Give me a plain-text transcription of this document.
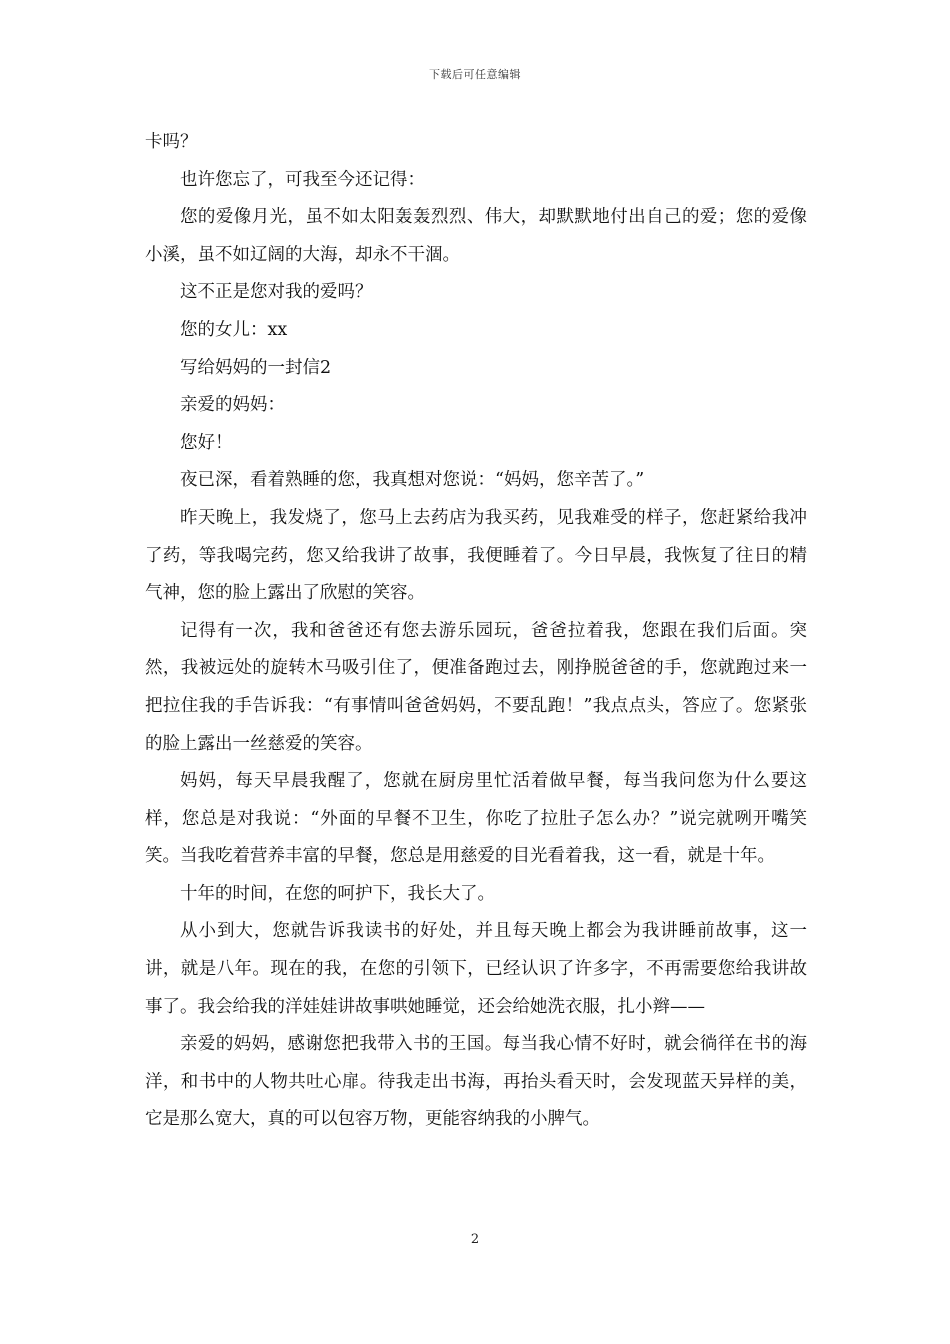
下载后可任意编辑

卡吗？

也许您忘了，可我至今还记得：

您的爱像月光，虽不如太阳轰轰烈烈、伟大，却默默地付出自己的爱；您的爱像小溪，虽不如辽阔的大海，却永不干涸。

这不正是您对我的爱吗？

您的女儿：xx

写给妈妈的一封信2

亲爱的妈妈：

您好！

夜已深，看着熟睡的您，我真想对您说：“妈妈，您辛苦了。”

昨天晚上，我发烧了，您马上去药店为我买药，见我难受的样子，您赶紧给我冲了药，等我喝完药，您又给我讲了故事，我便睡着了。今日早晨，我恢复了往日的精气神，您的脸上露出了欣慰的笑容。

记得有一次，我和爸爸还有您去游乐园玩，爸爸拉着我，您跟在我们后面。突然，我被远处的旋转木马吸引住了，便准备跑过去，刚挣脱爸爸的手，您就跑过来一把拉住我的手告诉我：“有事情叫爸爸妈妈，不要乱跑！”我点点头，答应了。您紧张的脸上露出一丝慈爱的笑容。

妈妈，每天早晨我醒了，您就在厨房里忙活着做早餐，每当我问您为什么要这样，您总是对我说：“外面的早餐不卫生，你吃了拉肚子怎么办？”说完就咧开嘴笑笑。当我吃着营养丰富的早餐，您总是用慈爱的目光看着我，这一看，就是十年。

十年的时间，在您的呵护下，我长大了。

从小到大，您就告诉我读书的好处，并且每天晚上都会为我讲睡前故事，这一讲，就是八年。现在的我，在您的引领下，已经认识了许多字，不再需要您给我讲故事了。我会给我的洋娃娃讲故事哄她睡觉，还会给她洗衣服，扎小辫——

亲爱的妈妈，感谢您把我带入书的王国。每当我心情不好时，就会徜徉在书的海洋，和书中的人物共吐心扉。待我走出书海，再抬头看天时，会发现蓝天异样的美，它是那么宽大，真的可以包容万物，更能容纳我的小脾气。

2
